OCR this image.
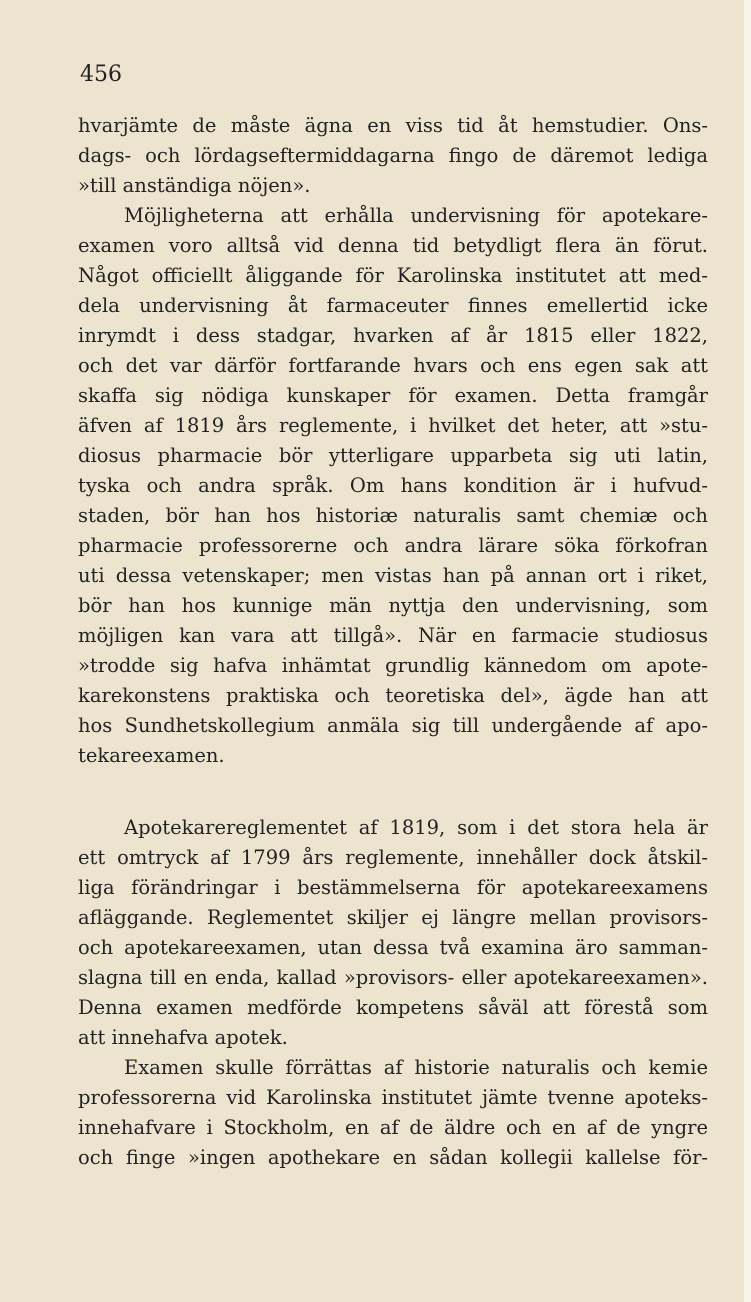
456

hvarjämte de måste ägna en viss tid åt hemstudier. Ons-

dags- och lördagseftermiddagarna fingo de däremot lediga

»till anständiga nöjen».

Möjligheterna att erhålla undervisning för apotekare-

examen voro alltså vid denna tid betydligt flera än förut.

Något officiellt åliggande för Karolinska institutet att med-

dela undervisning åt farmaceuter finnes emellertid icke

inrymdt i dess stadgar, hvarken af år 1815 eller 1822,

och det var därför fortfarande hvars och ens egen sak att

skaffa sig nödiga kunskaper för examen. Detta framgår

äfven af 1819 års reglemente, i hvilket det heter, att »stu-

diosus pharmacie bör ytterligare upparbeta sig uti latin,

tyska och andra språk. Om hans kondition är i hufvud-

staden, bör han hos historiæ naturalis samt chemiæ och

pharmacie professorerne och andra lärare söka förkofran

uti dessa vetenskaper; men vistas han på annan ort i riket,

bör han hos kunnige män nyttja den undervisning, som

möjligen kan vara att tillgå». När en farmacie studiosus

»trodde sig hafva inhämtat grundlig kännedom om apote-

karekonstens praktiska och teoretiska del», ägde han att

hos Sundhetskollegium anmäla sig till undergående af apo-

tekareexamen.

Apotekarereglementet af 1819, som i det stora hela är

ett omtryck af 1799 års reglemente, innehåller dock åtskil-

liga förändringar i bestämmelserna för apotekareexamens

afläggande. Reglementet skiljer ej längre mellan provisors-

och apotekareexamen, utan dessa två examina äro samman-

slagna till en enda, kallad »provisors- eller apotekareexamen».

Denna examen medförde kompetens såväl att förestå som

att innehafva apotek.

Examen skulle förrättas af historie naturalis och kemie

professorerna vid Karolinska institutet jämte tvenne apoteks-

innehafvare i Stockholm, en af de äldre och en af de yngre

och finge »ingen apothekare en sådan kollegii kallelse för-
